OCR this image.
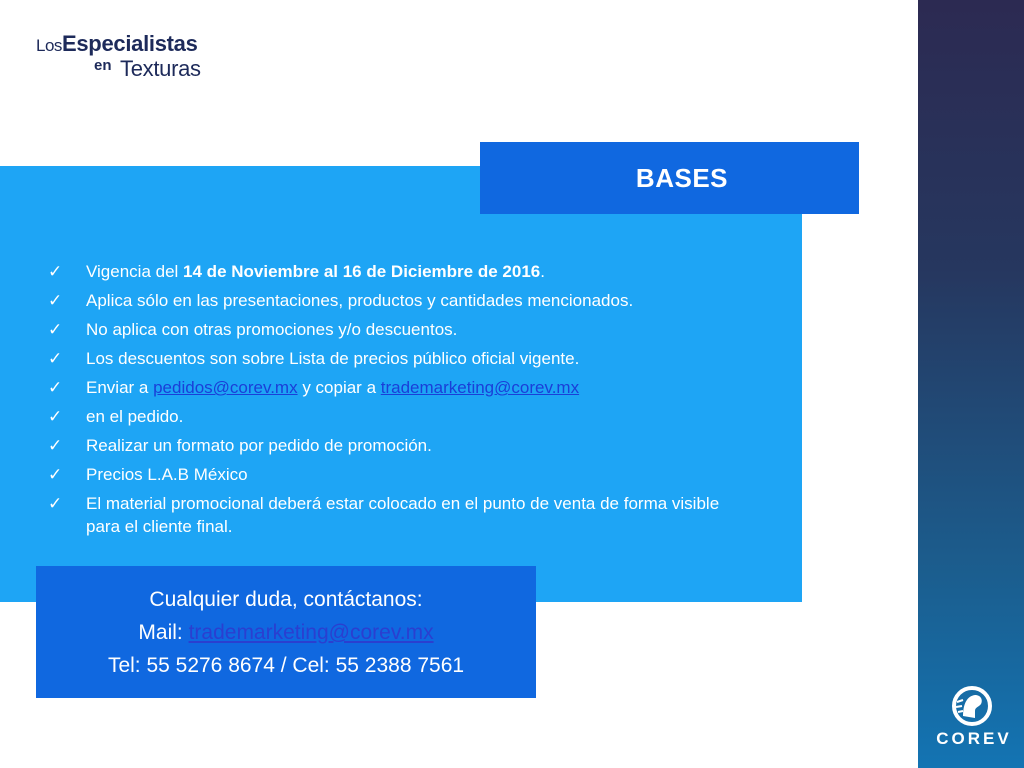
Los Especialistas
en Texturas
COREV
BASES
✓ Vigencia del 14 de Noviembre al 16 de Diciembre de 2016.
✓ Aplica sólo en las presentaciones, productos y cantidades mencionados.
✓ No aplica con otras promociones y/o descuentos.
✓ Los descuentos son sobre Lista de precios público oficial vigente.
✓ Enviar a pedidos@corev.mx y copiar a trademarketing@corev.mx
✓ en el pedido.
✓ Realizar un formato por pedido de promoción.
✓ Precios L.A.B México
✓ El material promocional deberá estar colocado en el punto de venta de forma visible
para el cliente final.
Cualquier duda, contáctanos:
Mail: trademarketing@corev.mx
Tel: 55 5276 8674 / Cel: 55 2388 7561
